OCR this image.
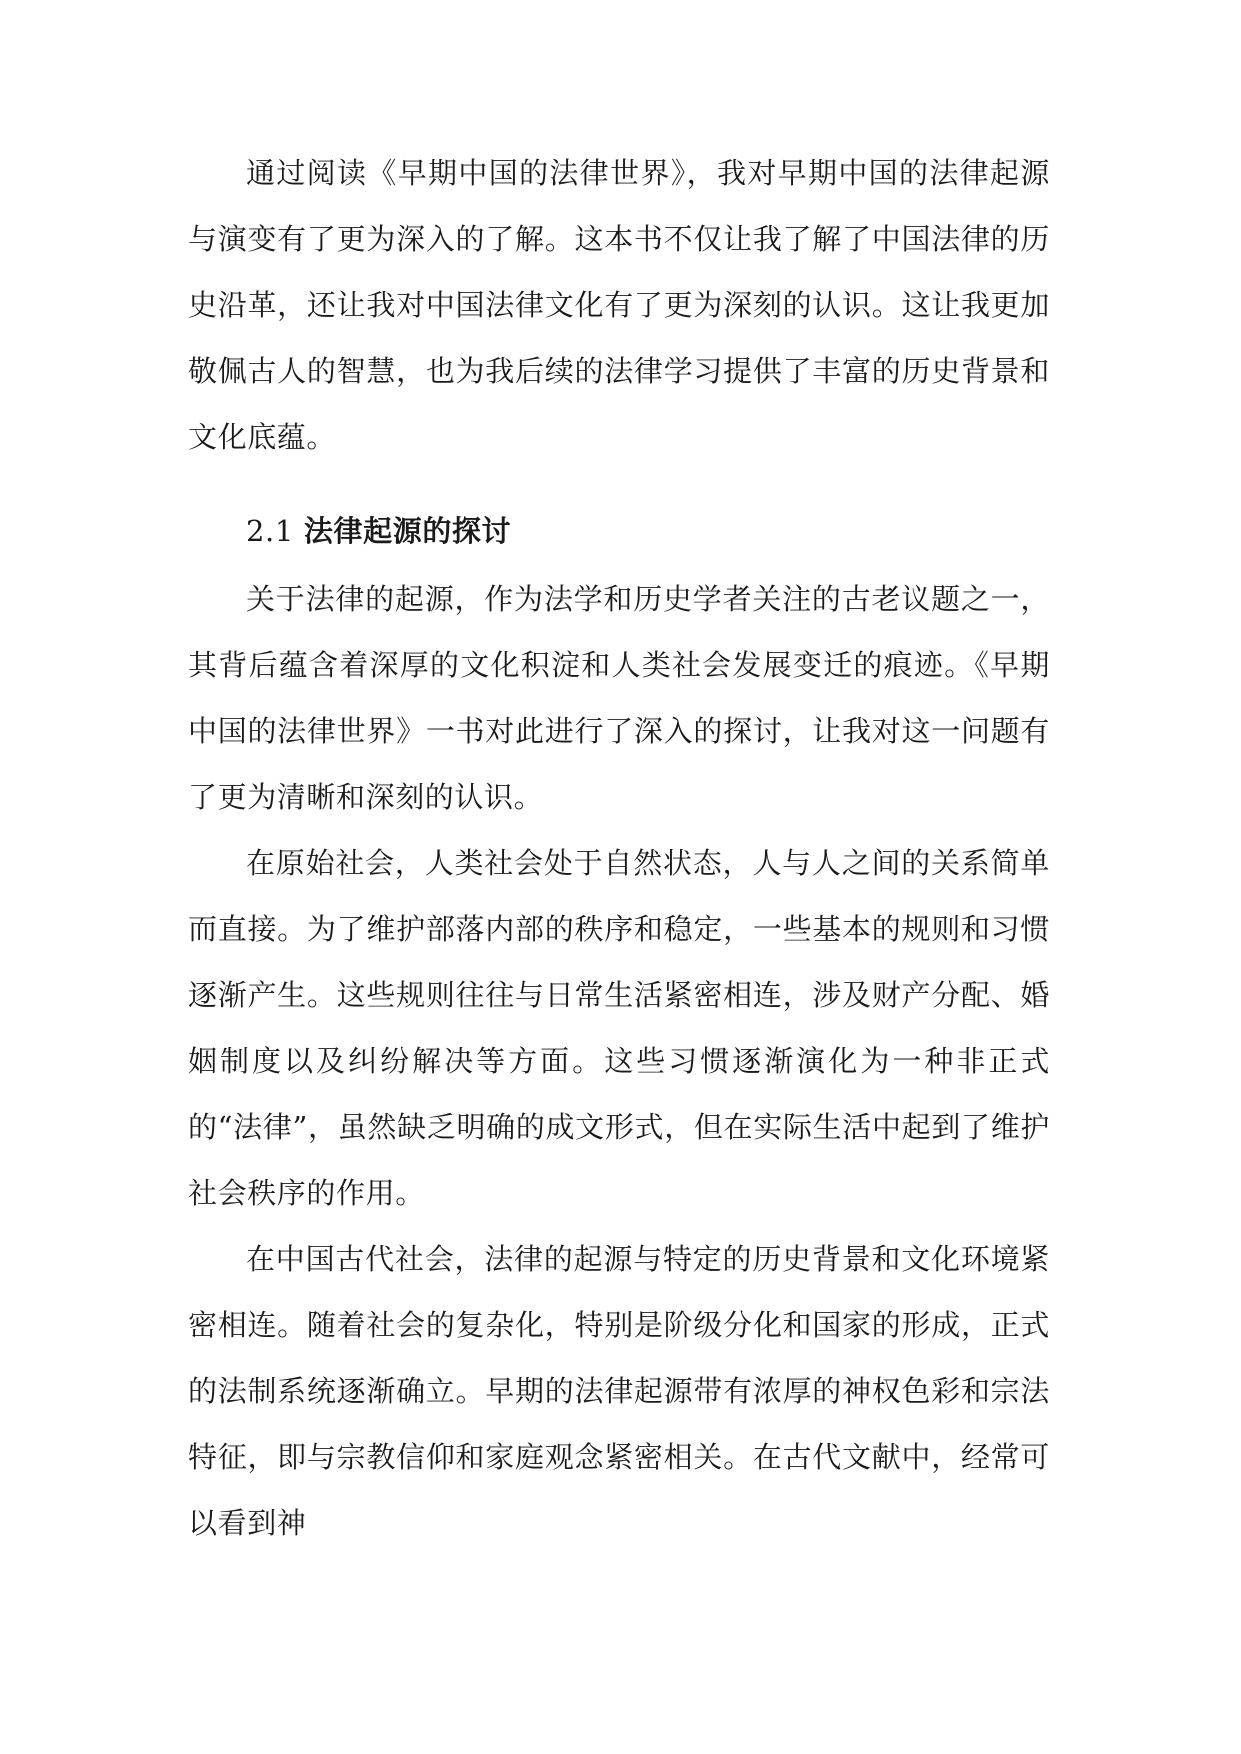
通过阅读《早期中国的法律世界》，我对早期中国的法律起源与演变有了更为深入的了解。这本书不仅让我了解了中国法律的历史沿革，还让我对中国法律文化有了更为深刻的认识。这让我更加敬佩古人的智慧，也为我后续的法律学习提供了丰富的历史背景和文化底蕴。

2.1 法律起源的探讨

关于法律的起源，作为法学和历史学者关注的古老议题之一，其背后蕴含着深厚的文化积淀和人类社会发展变迁的痕迹。《早期中国的法律世界》一书对此进行了深入的探讨，让我对这一问题有了更为清晰和深刻的认识。

在原始社会，人类社会处于自然状态，人与人之间的关系简单而直接。为了维护部落内部的秩序和稳定，一些基本的规则和习惯逐渐产生。这些规则往往与日常生活紧密相连，涉及财产分配、婚姻制度以及纠纷解决等方面。这些习惯逐渐演化为一种非正式的“法律”，虽然缺乏明确的成文形式，但在实际生活中起到了维护社会秩序的作用。

在中国古代社会，法律的起源与特定的历史背景和文化环境紧密相连。随着社会的复杂化，特别是阶级分化和国家的形成，正式的法制系统逐渐确立。早期的法律起源带有浓厚的神权色彩和宗法特征，即与宗教信仰和家庭观念紧密相关。在古代文献中，经常可以看到神
